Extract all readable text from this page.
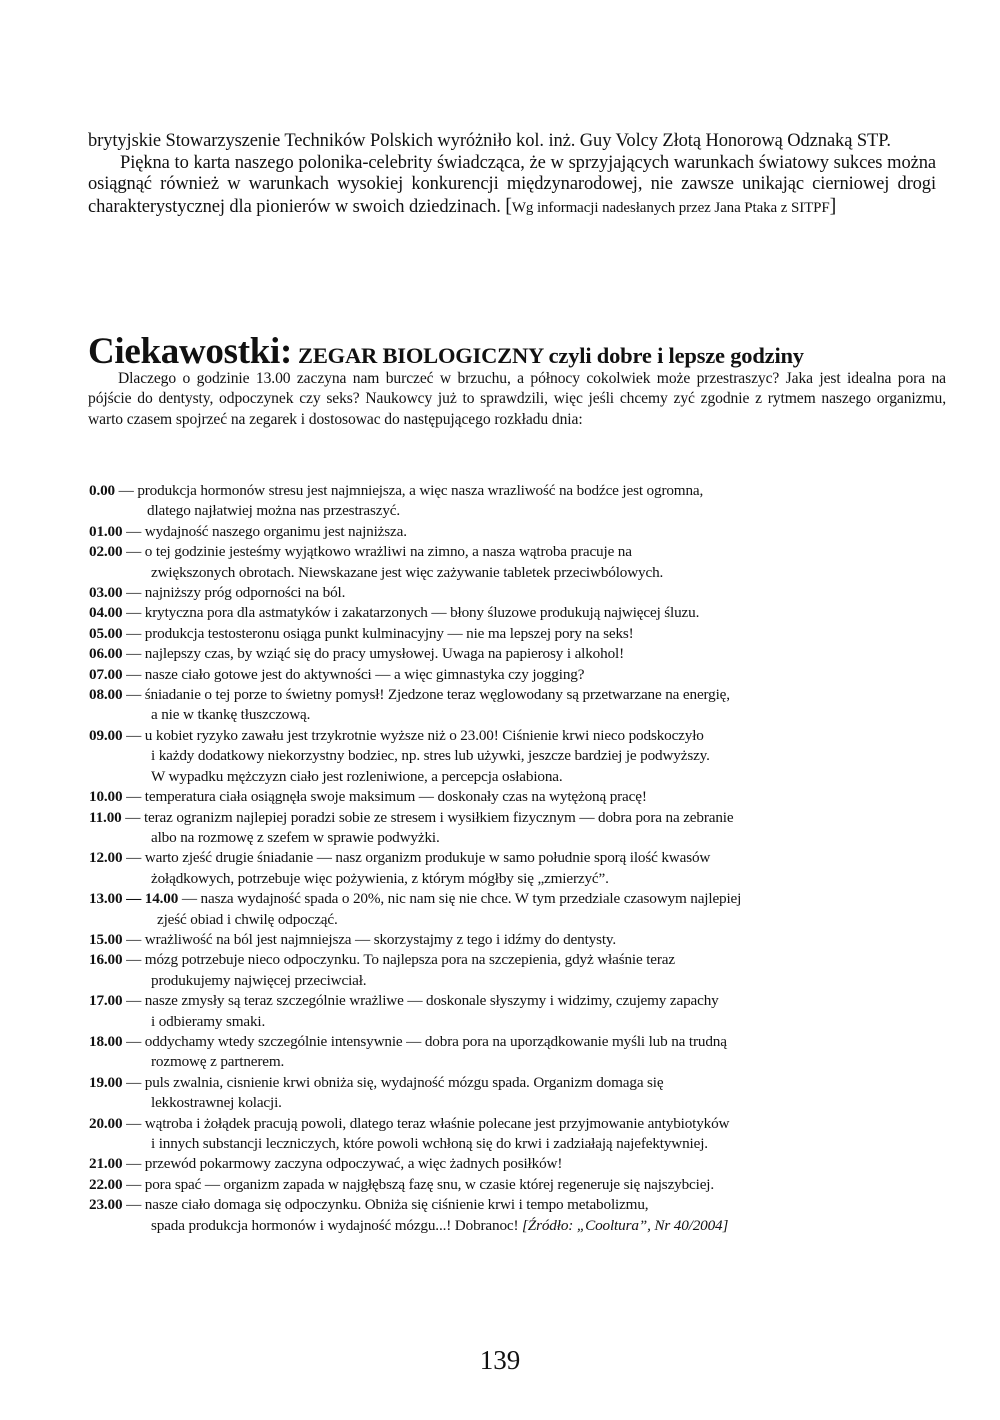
brytyjskie Stowarzyszenie Techników Polskich wyróżniło kol. inż. Guy Volcy Złotą Honorową Odznaką STP.
Piękna to karta naszego polonika-celebrity świadcząca, że w sprzyjających warunkach światowy sukces można osiągnąć również w warunkach wysokiej konkurencji międzynarodowej, nie zawsze unikając cierniowej drogi charakterystycznej dla pionierów w swoich dziedzinach. [Wg informacji nadesłanych przez Jana Ptaka z SITPF]
Ciekawostki: ZEGAR BIOLOGICZNY czyli dobre i lepsze godziny
Dlaczego o godzinie 13.00 zaczyna nam burczeć w brzuchu, a północy cokolwiek może przestraszyc? Jaka jest idealna pora na pójście do dentysty, odpoczynek czy seks? Naukowcy już to sprawdzili, więc jeśli chcemy zyć zgodnie z rytmem naszego organizmu, warto czasem spojrzeć na zegarek i dostosowac do następującego rozkładu dnia:
0.00 — produkcja hormonów stresu jest najmniejsza, a więc nasza wrazliwość na bodźce jest ogromna,
dlatego najłatwiej można nas przestraszyć.
01.00 — wydajność naszego organimu jest najniższa.
02.00 — o tej godzinie jesteśmy wyjątkowo wrażliwi na zimno, a nasza wątroba pracuje na
zwiększonych obrotach. Niewskazane jest więc zażywanie tabletek przeciwbólowych.
03.00 — najniższy próg odporności na ból.
04.00 — krytyczna pora dla astmatyków i zakatarzonych — błony śluzowe produkują najwięcej śluzu.
05.00 — produkcja testosteronu osiąga punkt kulminacyjny — nie ma lepszej pory na seks!
06.00 — najlepszy czas, by wziąć się do pracy umysłowej. Uwaga na papierosy i alkohol!
07.00 — nasze ciało gotowe jest do aktywności — a więc gimnastyka czy jogging?
08.00 — śniadanie o tej porze to świetny pomysł! Zjedzone teraz węglowodany są przetwarzane na energię,
a nie w tkankę tłuszczową.
09.00 — u kobiet ryzyko zawału jest trzykrotnie wyższe niż o 23.00! Ciśnienie krwi nieco podskoczyło
i każdy dodatkowy niekorzystny bodziec, np. stres lub używki, jeszcze bardziej je podwyższy.
W wypadku mężczyzn ciało jest rozleniwione, a percepcja osłabiona.
10.00 — temperatura ciała osiągnęła swoje maksimum — doskonały czas na wytężoną pracę!
11.00 — teraz ogranizm najlepiej poradzi sobie ze stresem i wysiłkiem fizycznym — dobra pora na zebranie
albo na rozmowę z szefem w sprawie podwyżki.
12.00 — warto zjeść drugie śniadanie — nasz organizm produkuje w samo południe sporą ilość kwasów
żołądkowych, potrzebuje więc pożywienia, z którym mógłby się „zmierzyć”.
13.00 — 14.00 — nasza wydajność spada o 20%, nic nam się nie chce. W tym przedziale czasowym najlepiej
zjeść obiad i chwilę odpocząć.
15.00 — wrażliwość na ból jest najmniejsza — skorzystajmy z tego i idźmy do dentysty.
16.00 — mózg potrzebuje nieco odpoczynku. To najlepsza pora na szczepienia, gdyż właśnie teraz
produkujemy najwięcej przeciwciał.
17.00 — nasze zmysły są teraz szczególnie wrażliwe — doskonale słyszymy i widzimy, czujemy zapachy
i odbieramy smaki.
18.00 — oddychamy wtedy szczególnie intensywnie — dobra pora na uporządkowanie myśli lub na trudną
rozmowę z partnerem.
19.00 — puls zwalnia, cisnienie krwi obniża się, wydajność mózgu spada. Organizm domaga się
lekkostrawnej kolacji.
20.00 — wątroba i żołądek pracują powoli, dlatego teraz właśnie polecane jest przyjmowanie antybiotyków
i innych substancji leczniczych, które powoli wchłoną się do krwi i zadziałają najefektywniej.
21.00 — przewód pokarmowy zaczyna odpoczywać, a więc żadnych posiłków!
22.00 — pora spać — organizm zapada w najgłębszą fazę snu, w czasie której regeneruje się najszybciej.
23.00 — nasze ciało domaga się odpoczynku. Obniża się ciśnienie krwi i tempo metabolizmu,
spada produkcja hormonów i wydajność mózgu...! Dobranoc! [Źródło: „Cooltura”, Nr 40/2004]
139
